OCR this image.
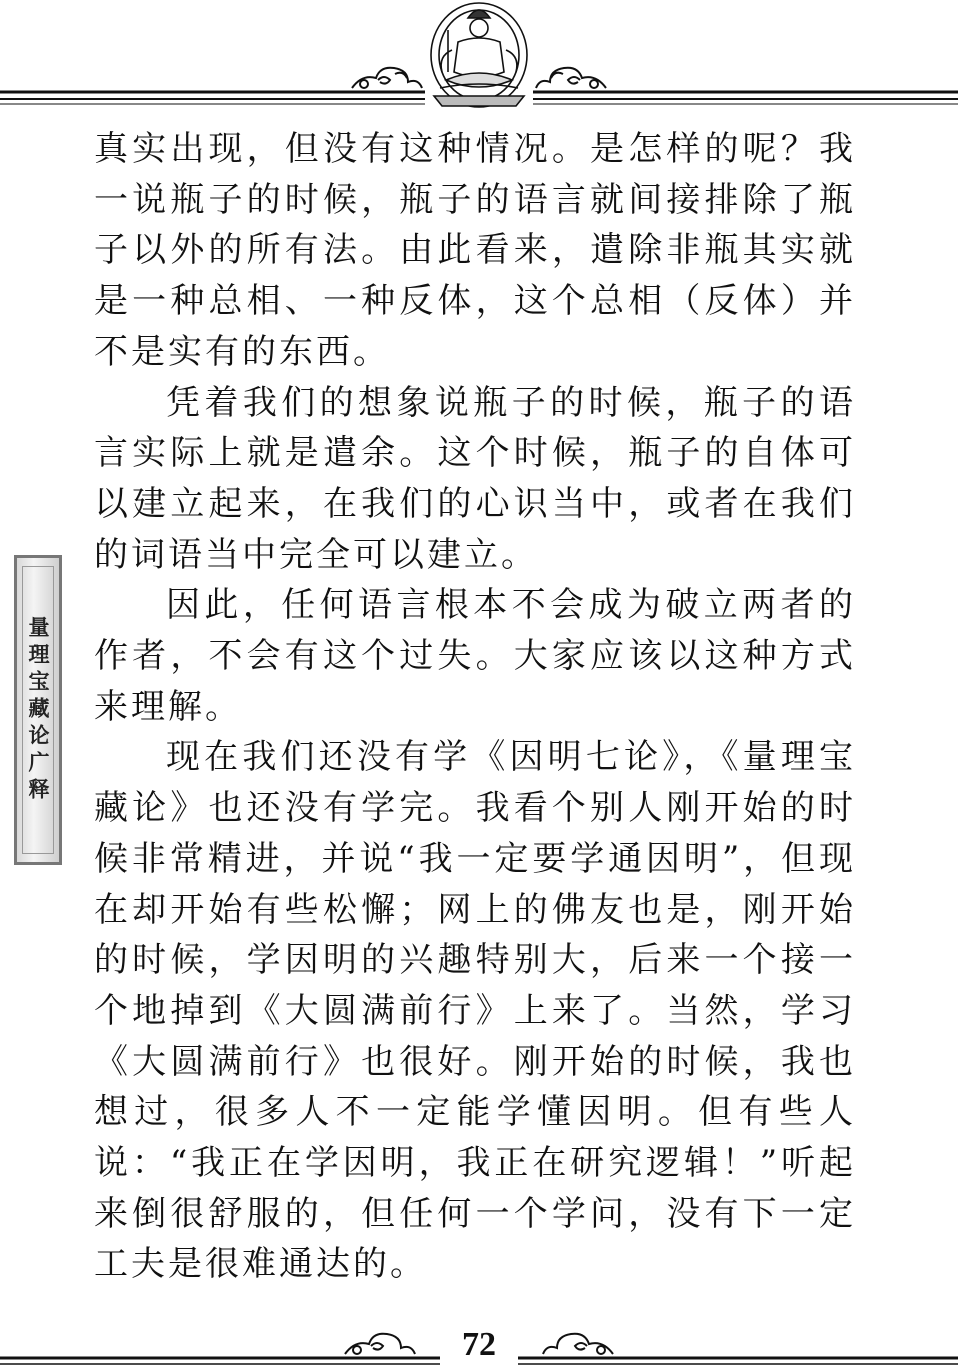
量理宝藏论广释

真实出现，但没有这种情况。是怎样的呢？我一说瓶子的时候，瓶子的语言就间接排除了瓶子以外的所有法。由此看来，遣除非瓶其实就是一种总相、一种反体，这个总相（反体）并不是实有的东西。

凭着我们的想象说瓶子的时候，瓶子的语言实际上就是遣余。这个时候，瓶子的自体可以建立起来，在我们的心识当中，或者在我们的词语当中完全可以建立。

因此，任何语言根本不会成为破立两者的作者，不会有这个过失。大家应该以这种方式来理解。

现在我们还没有学《因明七论》，《量理宝藏论》也还没有学完。我看个别人刚开始的时候非常精进，并说“我一定要学通因明”，但现在却开始有些松懈；网上的佛友也是，刚开始的时候，学因明的兴趣特别大，后来一个接一个地掉到《大圆满前行》上来了。当然，学习《大圆满前行》也很好。刚开始的时候，我也想过，很多人不一定能学懂因明。但有些人说：“我正在学因明，我正在研究逻辑！”听起来倒很舒服的，但任何一个学问，没有下一定工夫是很难通达的。

72
